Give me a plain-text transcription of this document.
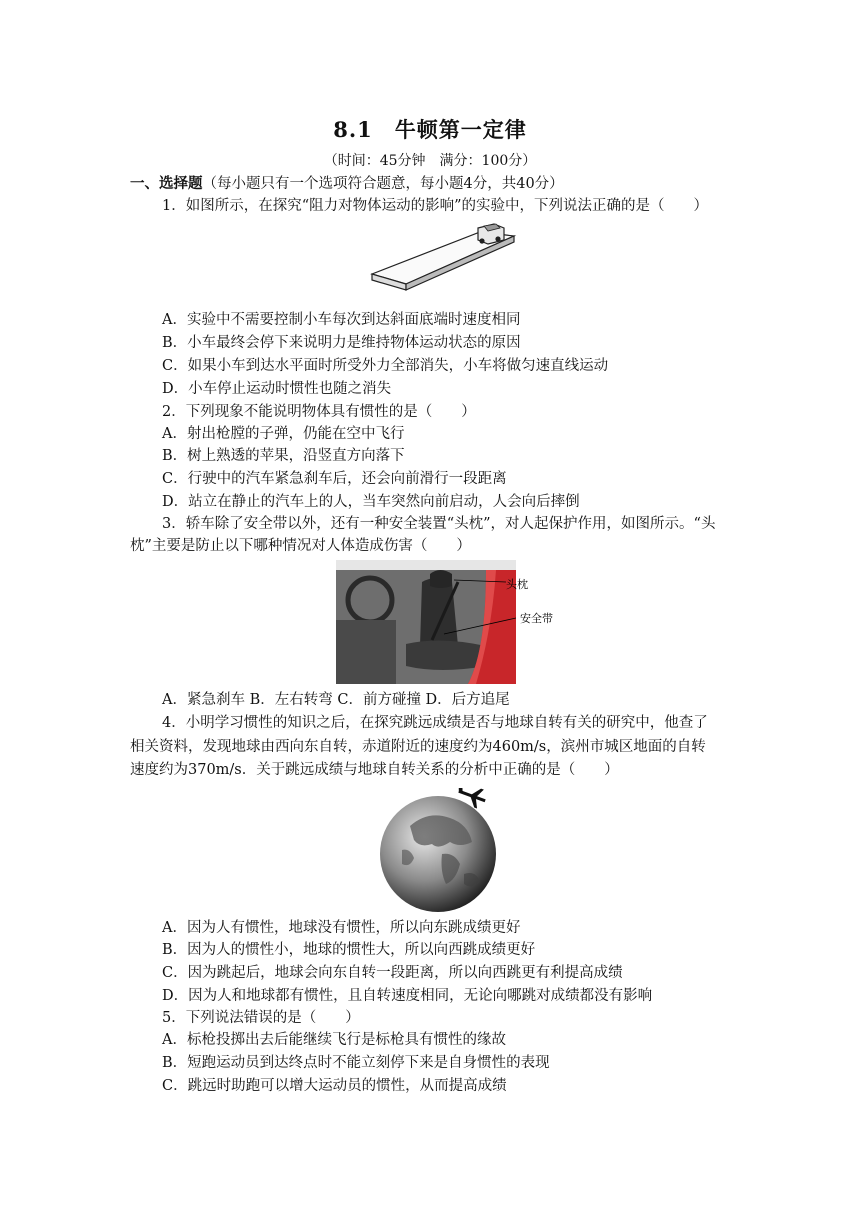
8.1　牛顿第一定律
（时间：45分钟　满分：100分）
一、选择题（每小题只有一个选项符合题意，每小题4分，共40分）
1．如图所示，在探究“阻力对物体运动的影响”的实验中，下列说法正确的是（　　）
A．实验中不需要控制小车每次到达斜面底端时速度相同
B．小车最终会停下来说明力是维持物体运动状态的原因
C．如果小车到达水平面时所受外力全部消失，小车将做匀速直线运动
D．小车停止运动时惯性也随之消失
2．下列现象不能说明物体具有惯性的是（　　）
A．射出枪膛的子弹，仍能在空中飞行
B．树上熟透的苹果，沿竖直方向落下
C．行驶中的汽车紧急刹车后，还会向前滑行一段距离
D．站立在静止的汽车上的人，当车突然向前启动，人会向后摔倒
3．轿车除了安全带以外，还有一种安全装置“头枕”，对人起保护作用，如图所示。“头
枕”主要是防止以下哪种情况对人体造成伤害（　　）

头枕
安全带
A．紧急刹车 B．左右转弯 C．前方碰撞 D．后方追尾
4．小明学习惯性的知识之后，在探究跳远成绩是否与地球自转有关的研究中，他查了
相关资料，发现地球由西向东自转，赤道附近的速度约为460m/s，滨州市城区地面的自转
速度约为370m/s．关于跳远成绩与地球自转关系的分析中正确的是（　　）
A．因为人有惯性，地球没有惯性，所以向东跳成绩更好
B．因为人的惯性小，地球的惯性大，所以向西跳成绩更好
C．因为跳起后，地球会向东自转一段距离，所以向西跳更有利提高成绩
D．因为人和地球都有惯性，且自转速度相同，无论向哪跳对成绩都没有影响
5．下列说法错误的是（　　）
A．标枪投掷出去后能继续飞行是标枪具有惯性的缘故
B．短跑运动员到达终点时不能立刻停下来是自身惯性的表现
C．跳远时助跑可以增大运动员的惯性，从而提高成绩
